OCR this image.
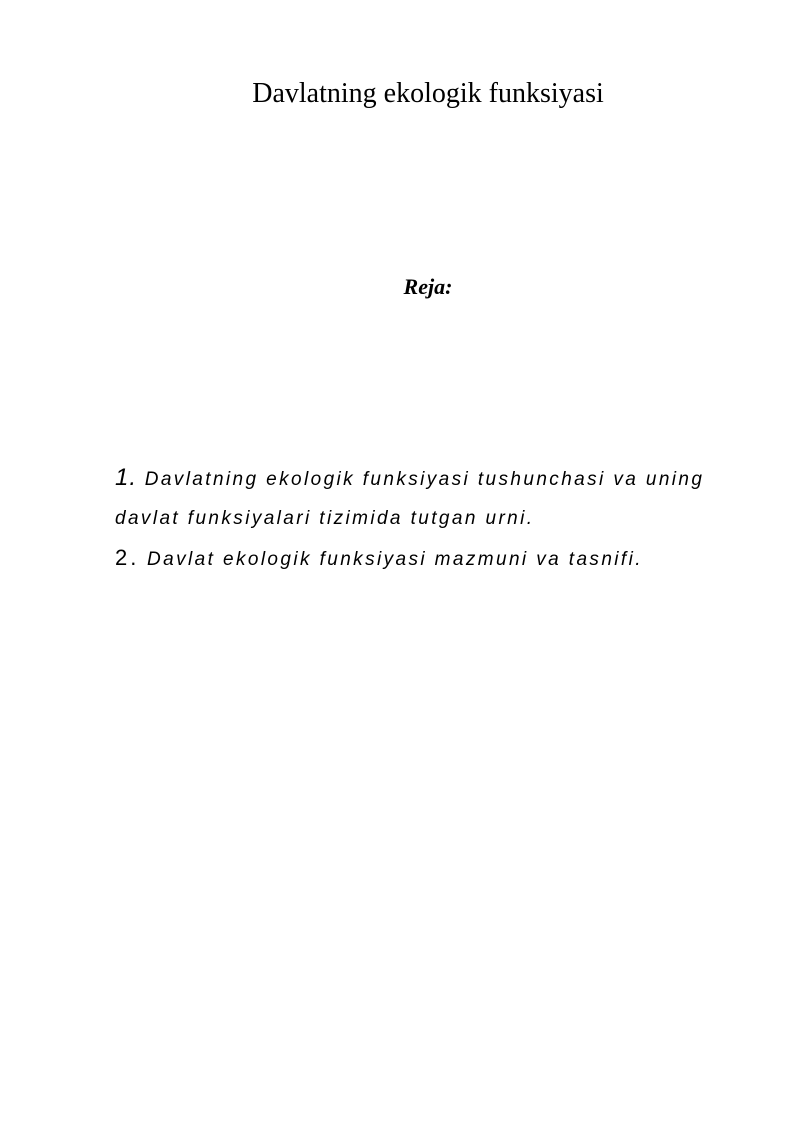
Davlatning ekologik funksiyasi
Reja:
1. Davlatning ekologik funksiyasi tushunchasi va uning davlat funksiyalari tizimida tutgan urni.
2. Davlat ekologik funksiyasi mazmuni va tasnifi.
